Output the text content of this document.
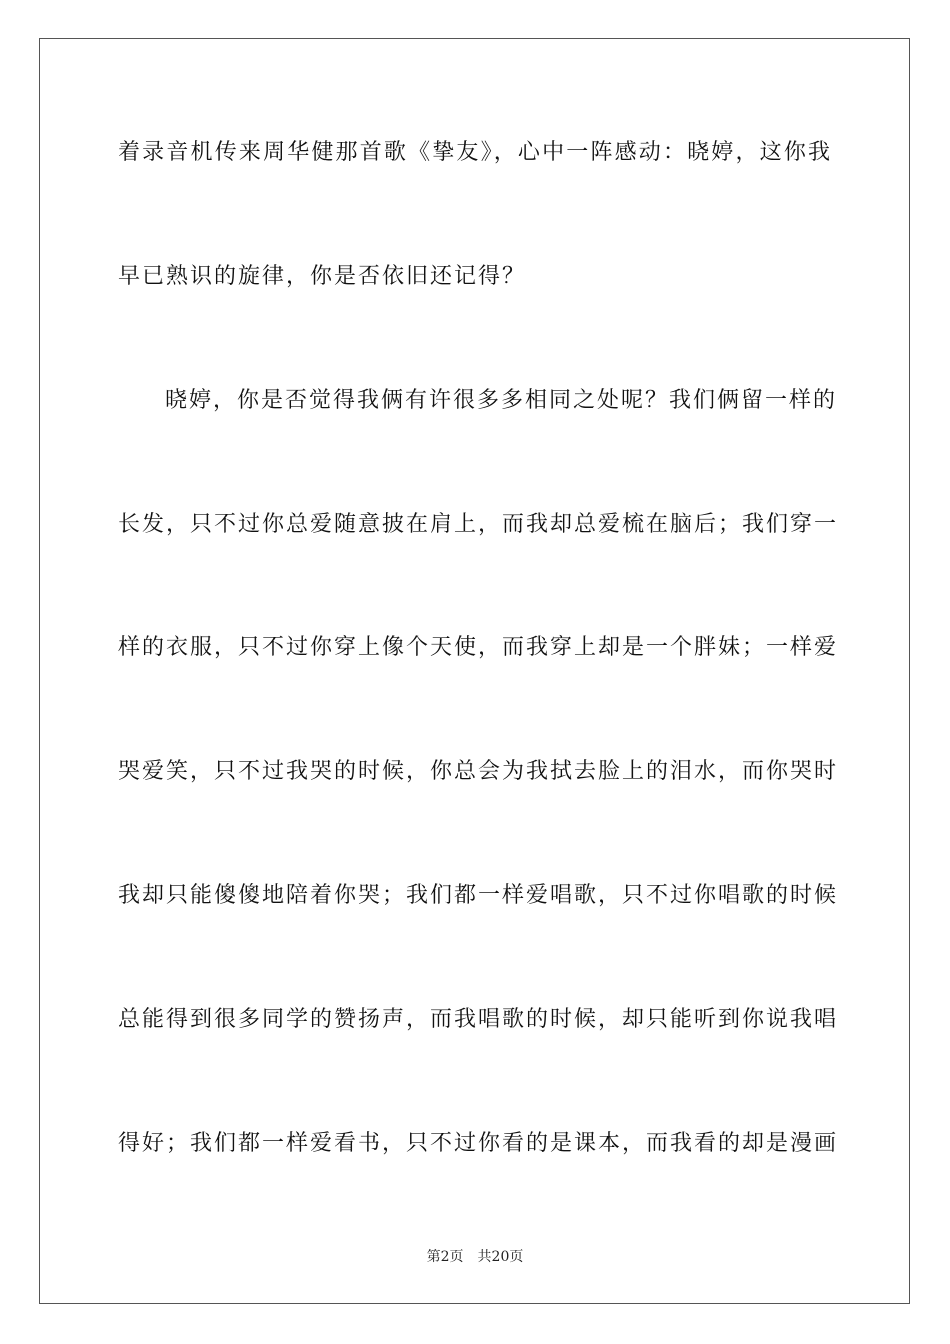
着录音机传来周华健那首歌《挚友》，心中一阵感动：晓婷，这你我
早已熟识的旋律，你是否依旧还记得？
晓婷，你是否觉得我俩有许很多多相同之处呢？我们俩留一样的
长发，只不过你总爱随意披在肩上，而我却总爱梳在脑后；我们穿一
样的衣服，只不过你穿上像个天使，而我穿上却是一个胖妹；一样爱
哭爱笑，只不过我哭的时候，你总会为我拭去脸上的泪水，而你哭时
我却只能傻傻地陪着你哭；我们都一样爱唱歌，只不过你唱歌的时候
总能得到很多同学的赞扬声，而我唱歌的时候，却只能听到你说我唱
得好；我们都一样爱看书，只不过你看的是课本，而我看的却是漫画
第2页 共20页
